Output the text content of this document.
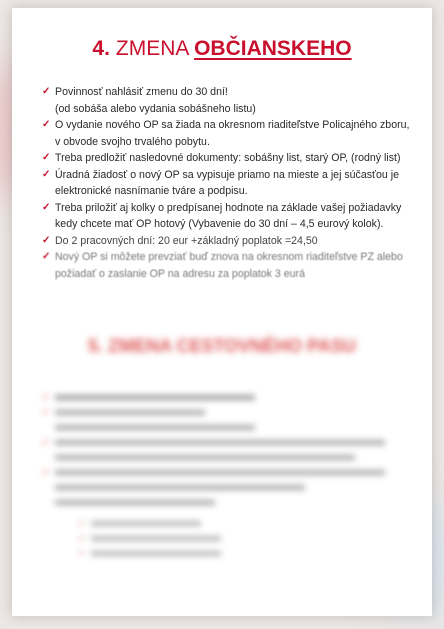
4. ZMENA OBČIANSKEHO
✓ Povinnosť nahlásiť zmenu do 30 dní!
(od sobáša alebo vydania sobášneho listu)
✓ O vydanie nového OP sa žiada na okresnom riaditeľstve Policajného zboru,
v obvode svojho trvalého pobytu.
✓ Treba predložiť nasledovné dokumenty: sobášny list, starý OP, (rodný list)
✓ Úradná žiadosť o nový OP sa vypisuje priamo na mieste a jej súčasťou je
elektronické nasnímanie tváre a podpisu.
✓ Treba priložiť aj kolky o predpísanej hodnote na základe vašej požiadavky
kedy chcete mať OP hotový (Vybavenie do 30 dní – 4,5 eurový kolok).
✓ Do 2 pracovných dní: 20 eur +základný poplatok =24,50
✓ Nový OP si môžete prevziať buď znova na okresnom riaditeľstve PZ alebo
požiadať o zaslanie OP na adresu za poplatok 3 eurá
5. ZMENA CESTOVNÉHO PASU
✓
✓

✓

✓

✓
✓
✓
